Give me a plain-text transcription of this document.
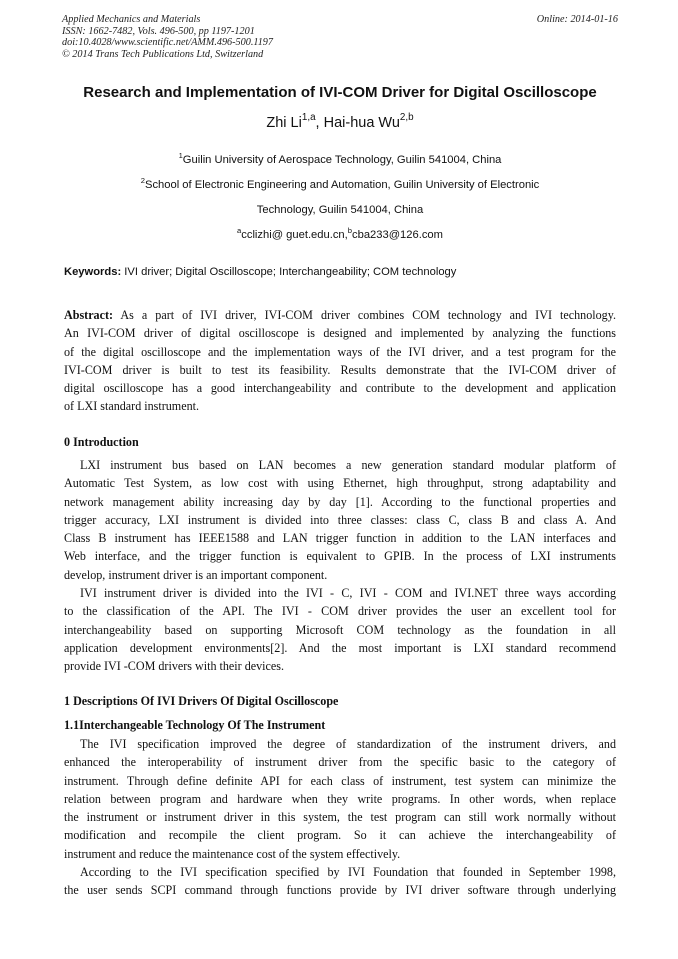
Applied Mechanics and Materials
ISSN: 1662-7482, Vols. 496-500, pp 1197-1201
doi:10.4028/www.scientific.net/AMM.496-500.1197
© 2014 Trans Tech Publications Ltd, Switzerland
Online: 2014-01-16
Research and Implementation of IVI-COM Driver for Digital Oscilloscope
Zhi Li$^{1,a}$, Hai-hua Wu$^{2,b}$
$^1$Guilin University of Aerospace Technology, Guilin 541004, China
$^2$School of Electronic Engineering and Automation, Guilin University of Electronic
Technology, Guilin 541004, China
$^a$cclizhi@ guet.edu.cn,$^b$cba233@126.com
Keywords: IVI driver; Digital Oscilloscope; Interchangeability; COM technology
Abstract: As a part of IVI driver, IVI-COM driver combines COM technology and IVI technology.
An IVI-COM driver of digital oscilloscope is designed and implemented by analyzing the functions
of the digital oscilloscope and the implementation ways of the IVI driver, and a test program for the
IVI-COM driver is built to test its feasibility. Results demonstrate that the IVI-COM driver of
digital oscilloscope has a good interchangeability and contribute to the development and application
of LXI standard instrument.
0 Introduction
LXI instrument bus based on LAN becomes a new generation standard modular platform of
Automatic Test System, as low cost with using Ethernet, high throughput, strong adaptability and
network management ability increasing day by day [1]. According to the functional properties and
trigger accuracy, LXI instrument is divided into three classes: class C, class B and class A. And
Class B instrument has IEEE1588 and LAN trigger function in addition to the LAN interfaces and
Web interface, and the trigger function is equivalent to GPIB. In the process of LXI instruments
develop, instrument driver is an important component.
IVI instrument driver is divided into the IVI - C, IVI - COM and IVI.NET three ways according
to the classification of the API. The IVI - COM driver provides the user an excellent tool for
interchangeability based on supporting Microsoft COM technology as the foundation in all
application development environments[2]. And the most important is LXI standard recommend
provide IVI -COM drivers with their devices.
1 Descriptions Of IVI Drivers Of Digital Oscilloscope
1.1Interchangeable Technology Of The Instrument
The IVI specification improved the degree of standardization of the instrument drivers, and
enhanced the interoperability of instrument driver from the specific basic to the category of
instrument. Through define definite API for each class of instrument, test system can minimize the
relation between program and hardware when they write programs. In other words, when replace
the instrument or instrument driver in this system, the test program can still work normally without
modification and recompile the client program. So it can achieve the interchangeability of
instrument and reduce the maintenance cost of the system effectively.
According to the IVI specification specified by IVI Foundation that founded in September 1998,
the user sends SCPI command through functions provide by IVI driver software through underlying
